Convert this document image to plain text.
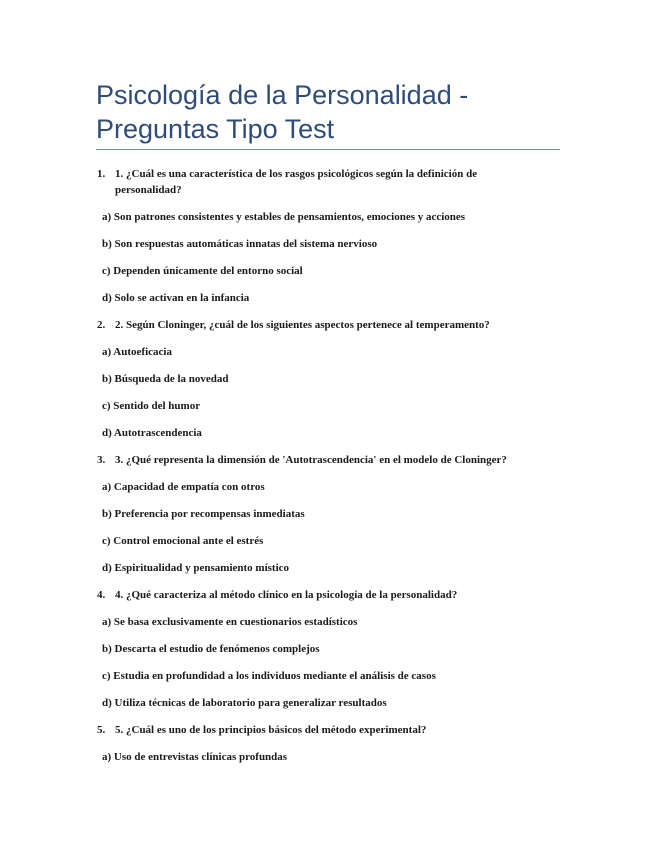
Psicología de la Personalidad - Preguntas Tipo Test
1. 1. ¿Cuál es una característica de los rasgos psicológicos según la definición de personalidad?
a) Son patrones consistentes y estables de pensamientos, emociones y acciones
b) Son respuestas automáticas innatas del sistema nervioso
c) Dependen únicamente del entorno social
d) Solo se activan en la infancia
2. 2. Según Cloninger, ¿cuál de los siguientes aspectos pertenece al temperamento?
a) Autoeficacia
b) Búsqueda de la novedad
c) Sentido del humor
d) Autotrascendencia
3. 3. ¿Qué representa la dimensión de 'Autotrascendencia' en el modelo de Cloninger?
a) Capacidad de empatía con otros
b) Preferencia por recompensas inmediatas
c) Control emocional ante el estrés
d) Espiritualidad y pensamiento místico
4. 4. ¿Qué caracteriza al método clínico en la psicología de la personalidad?
a) Se basa exclusivamente en cuestionarios estadísticos
b) Descarta el estudio de fenómenos complejos
c) Estudia en profundidad a los individuos mediante el análisis de casos
d) Utiliza técnicas de laboratorio para generalizar resultados
5. 5. ¿Cuál es uno de los principios básicos del método experimental?
a) Uso de entrevistas clínicas profundas
